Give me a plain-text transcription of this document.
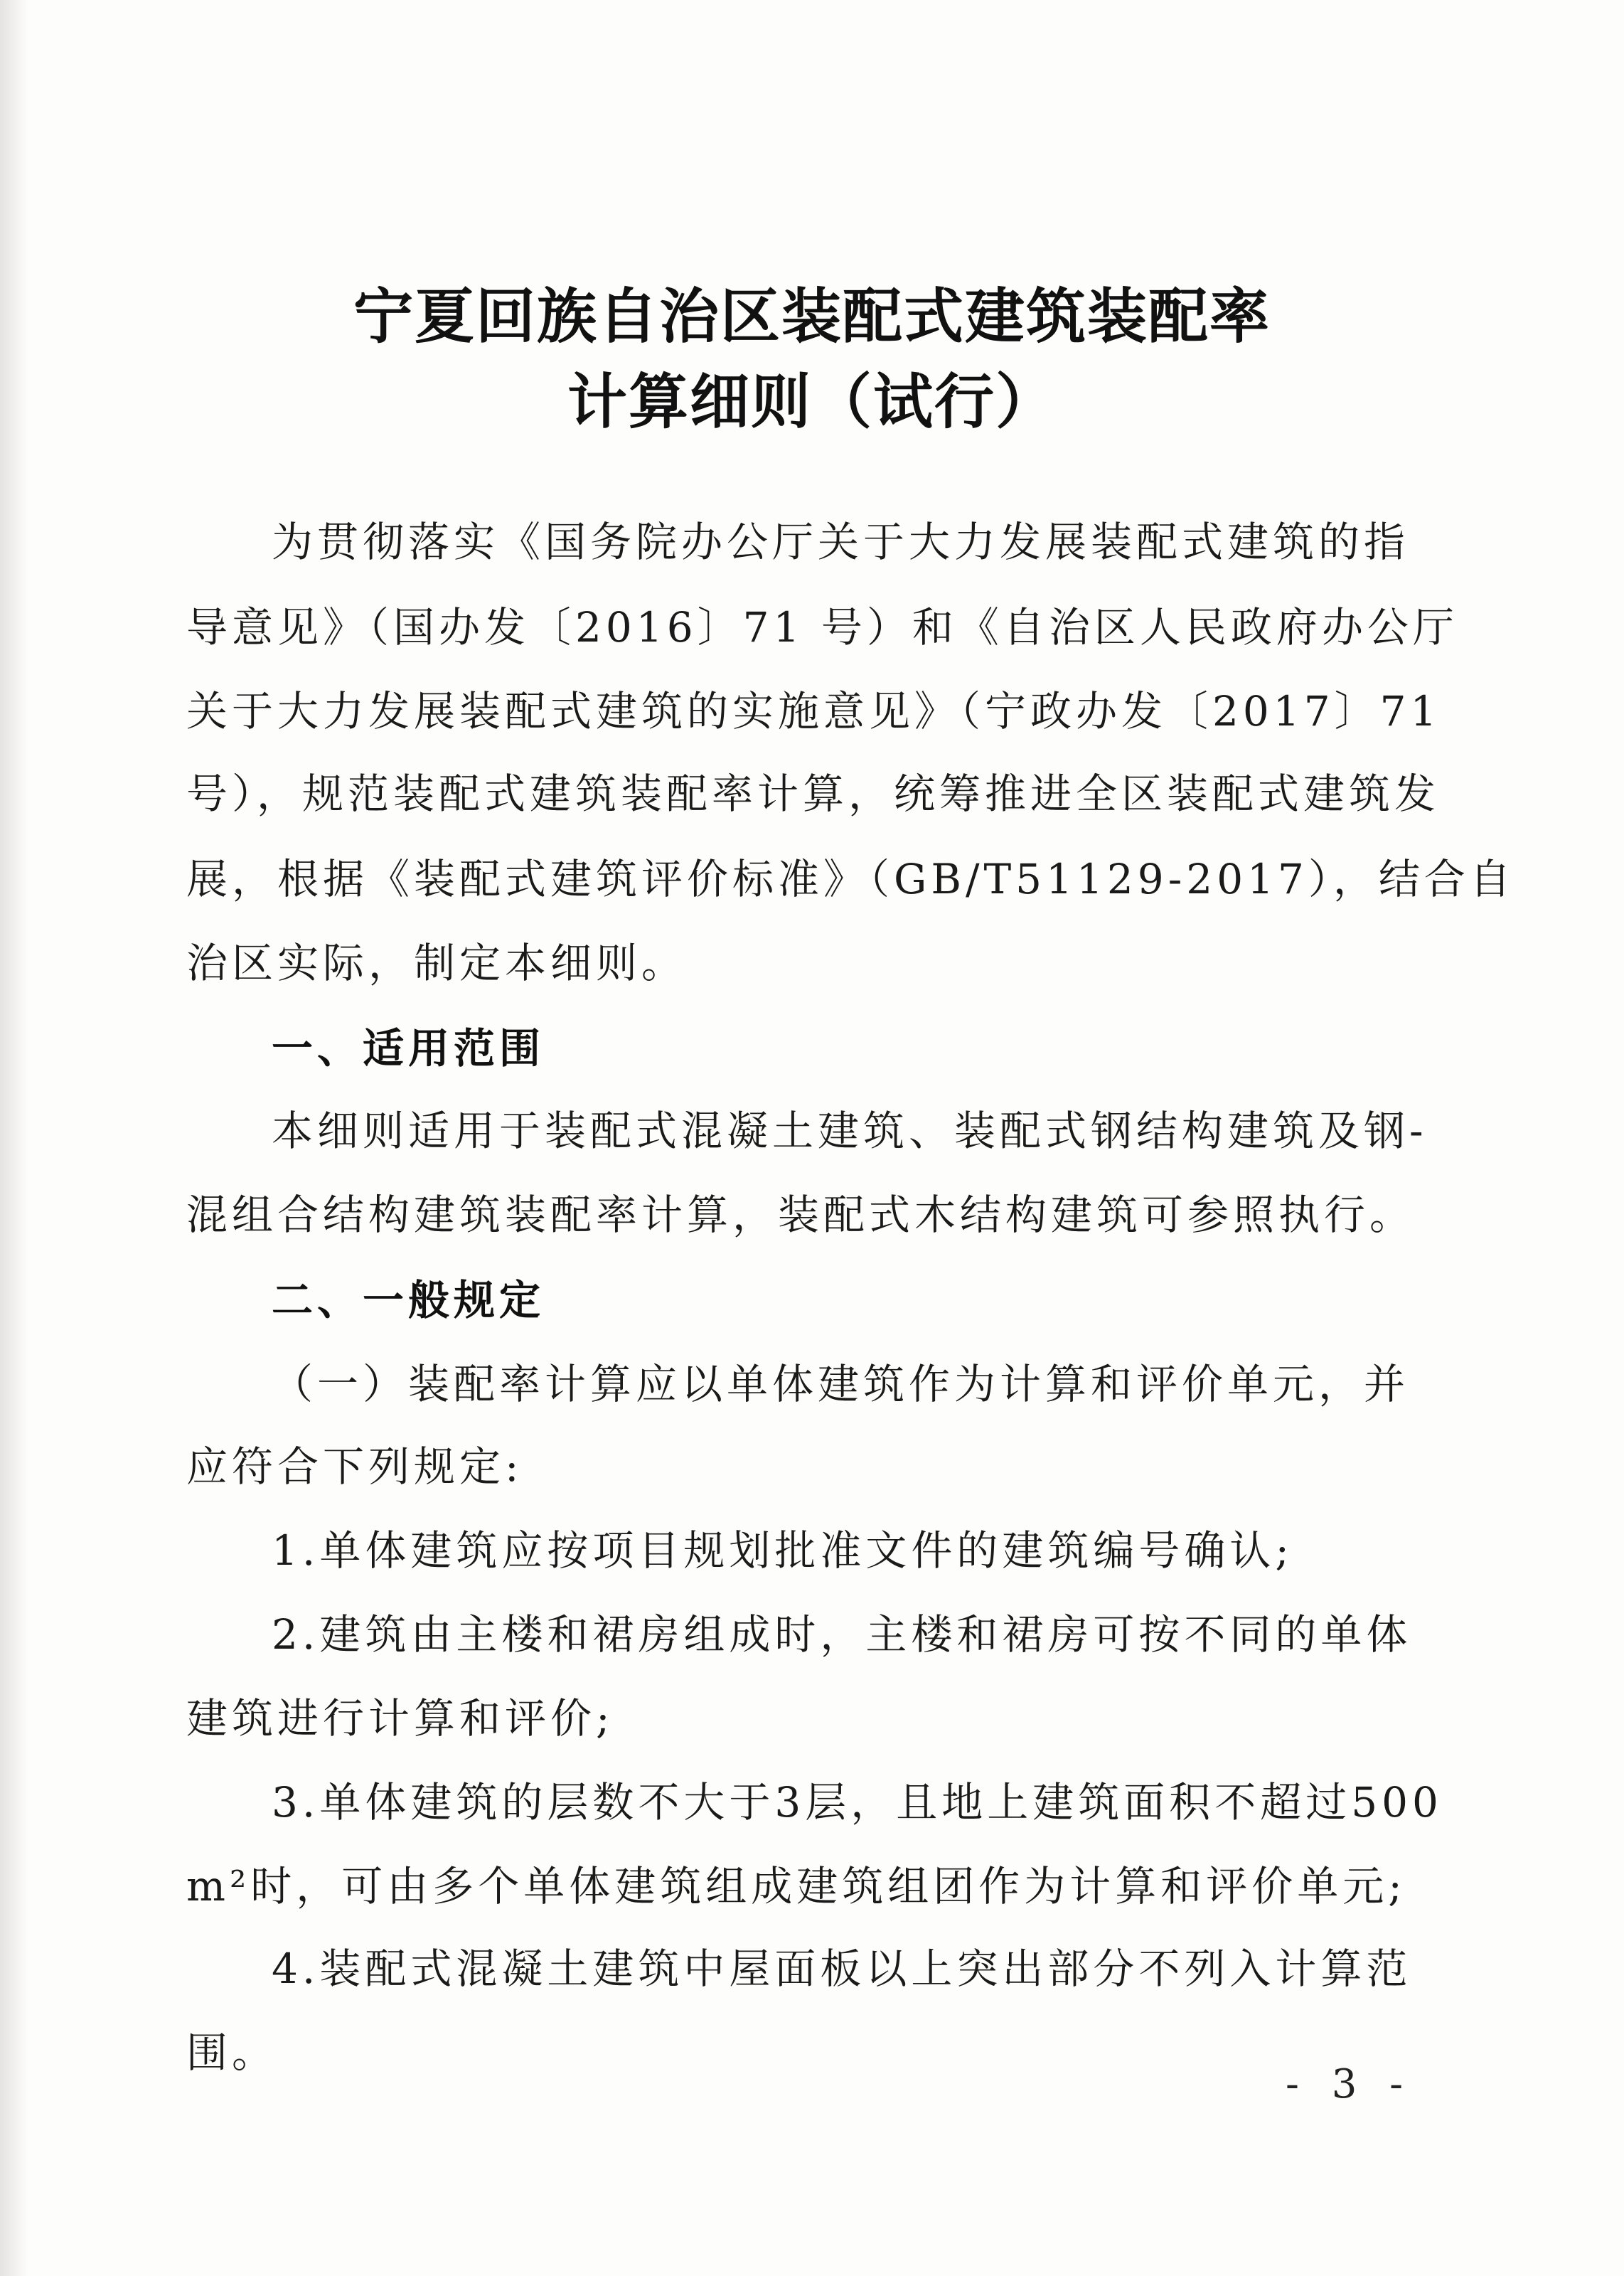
宁夏回族自治区装配式建筑装配率
计算细则（试行）
为贯彻落实《国务院办公厅关于大力发展装配式建筑的指
导意见》（国办发〔2016〕71 号）和《自治区人民政府办公厅
关于大力发展装配式建筑的实施意见》（宁政办发〔2017〕71
号），规范装配式建筑装配率计算，统筹推进全区装配式建筑发
展，根据《装配式建筑评价标准》（GB/T51129-2017），结合自
治区实际，制定本细则。
一、适用范围
本细则适用于装配式混凝土建筑、装配式钢结构建筑及钢-
混组合结构建筑装配率计算，装配式木结构建筑可参照执行。
二、一般规定
（一）装配率计算应以单体建筑作为计算和评价单元，并
应符合下列规定:
1.单体建筑应按项目规划批准文件的建筑编号确认;
2.建筑由主楼和裙房组成时，主楼和裙房可按不同的单体
建筑进行计算和评价;
3.单体建筑的层数不大于3层，且地上建筑面积不超过500
m²时，可由多个单体建筑组成建筑组团作为计算和评价单元;
4.装配式混凝土建筑中屋面板以上突出部分不列入计算范
围。
- 3 -
